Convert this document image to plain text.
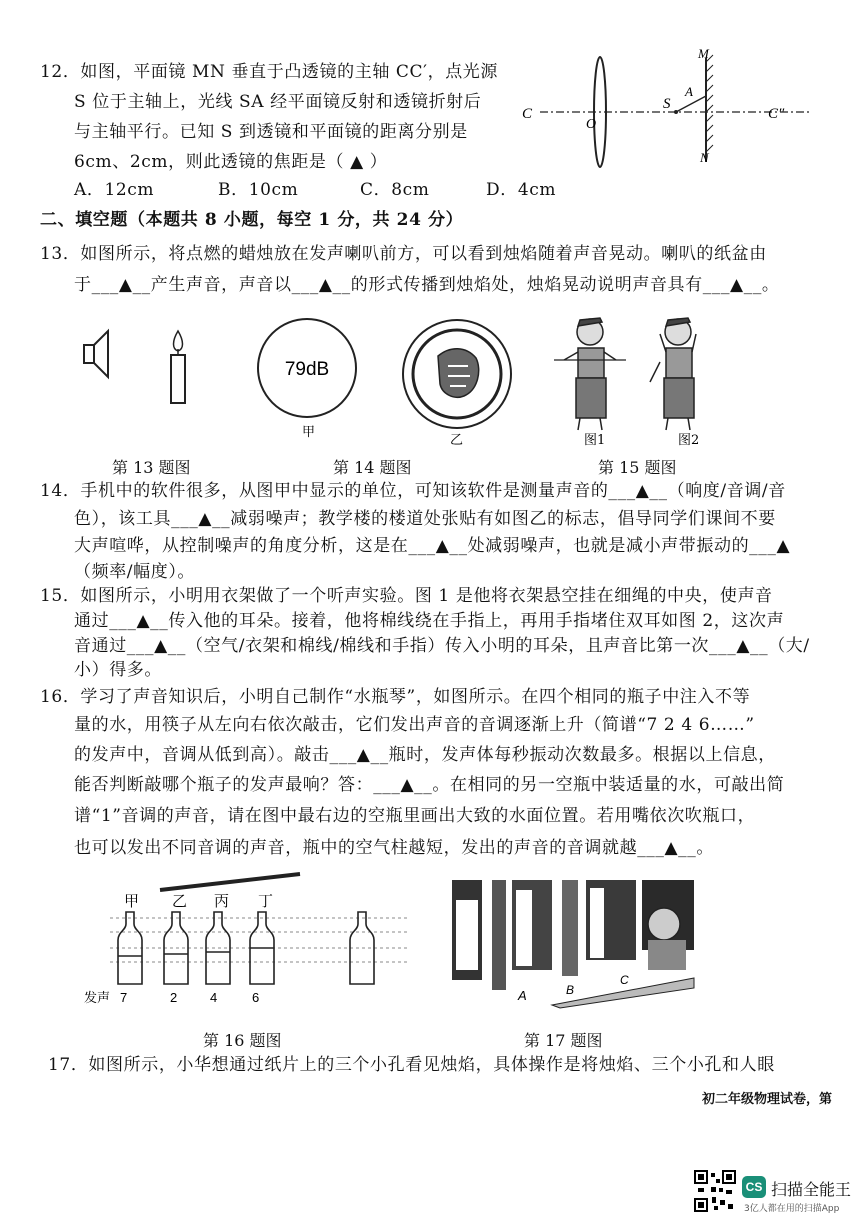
12．如图，平面镜 MN 垂直于凸透镜的主轴 CC′，点光源
S 位于主轴上，光线 SA 经平面镜反射和透镜折射后
与主轴平行。已知 S 到透镜和平面镜的距离分别是
6cm、2cm，则此透镜的焦距是（ ▲ ）
A．12cm	B．10cm	C．8cm	D．4cm
C
O
S
A
M
N
C″
二、填空题（本题共 8 小题，每空 1 分，共 24 分）
13．如图所示，将点燃的蜡烛放在发声喇叭前方，可以看到烛焰随着声音晃动。喇叭的纸盆由
于___▲__产生声音，声音以___▲__的形式传播到烛焰处，烛焰晃动说明声音具有___▲__。
第 13 题图
79dB
甲
乙
第 14 题图
图1	图2
第 15 题图
14．手机中的软件很多，从图甲中显示的单位，可知该软件是测量声音的___▲__（响度/音调/音
色），该工具___▲__减弱噪声；教学楼的楼道处张贴有如图乙的标志，倡导同学们课间不要
大声喧哗，从控制噪声的角度分析，这是在___▲__处减弱噪声，也就是减小声带振动的___▲
（频率/幅度）。
15．如图所示，小明用衣架做了一个听声实验。图 1 是他将衣架悬空挂在细绳的中央，使声音
通过___▲__传入他的耳朵。接着，他将棉线绕在手指上，再用手指堵住双耳如图 2，这次声
音通过___▲__（空气/衣架和棉线/棉线和手指）传入小明的耳朵，且声音比第一次___▲__（大/
小）得多。
16．学习了声音知识后，小明自己制作“水瓶琴”，如图所示。在四个相同的瓶子中注入不等
量的水，用筷子从左向右依次敲击，它们发出声音的音调逐渐上升（简谱“7 2 4 6……”
的发声中，音调从低到高）。敲击___▲__瓶时，发声体每秒振动次数最多。根据以上信息，
能否判断敲哪个瓶子的发声最响？答：___▲__。在相同的另一空瓶中装适量的水，可敲出简
谱“1”音调的声音，请在图中最右边的空瓶里画出大致的水面位置。若用嘴依次吹瓶口，
也可以发出不同音调的声音，瓶中的空气柱越短，发出的声音的音调就越___▲__。
甲 乙 丙 丁
发声 7	2	4	6
第 16 题图
A	B
C
第 17 题图
17．如图所示，小华想通过纸片上的三个小孔看见烛焰，具体操作是将烛焰、三个小孔和人眼
初二年级物理试卷，第
CS 扫描全能王
3亿人都在用的扫描App
